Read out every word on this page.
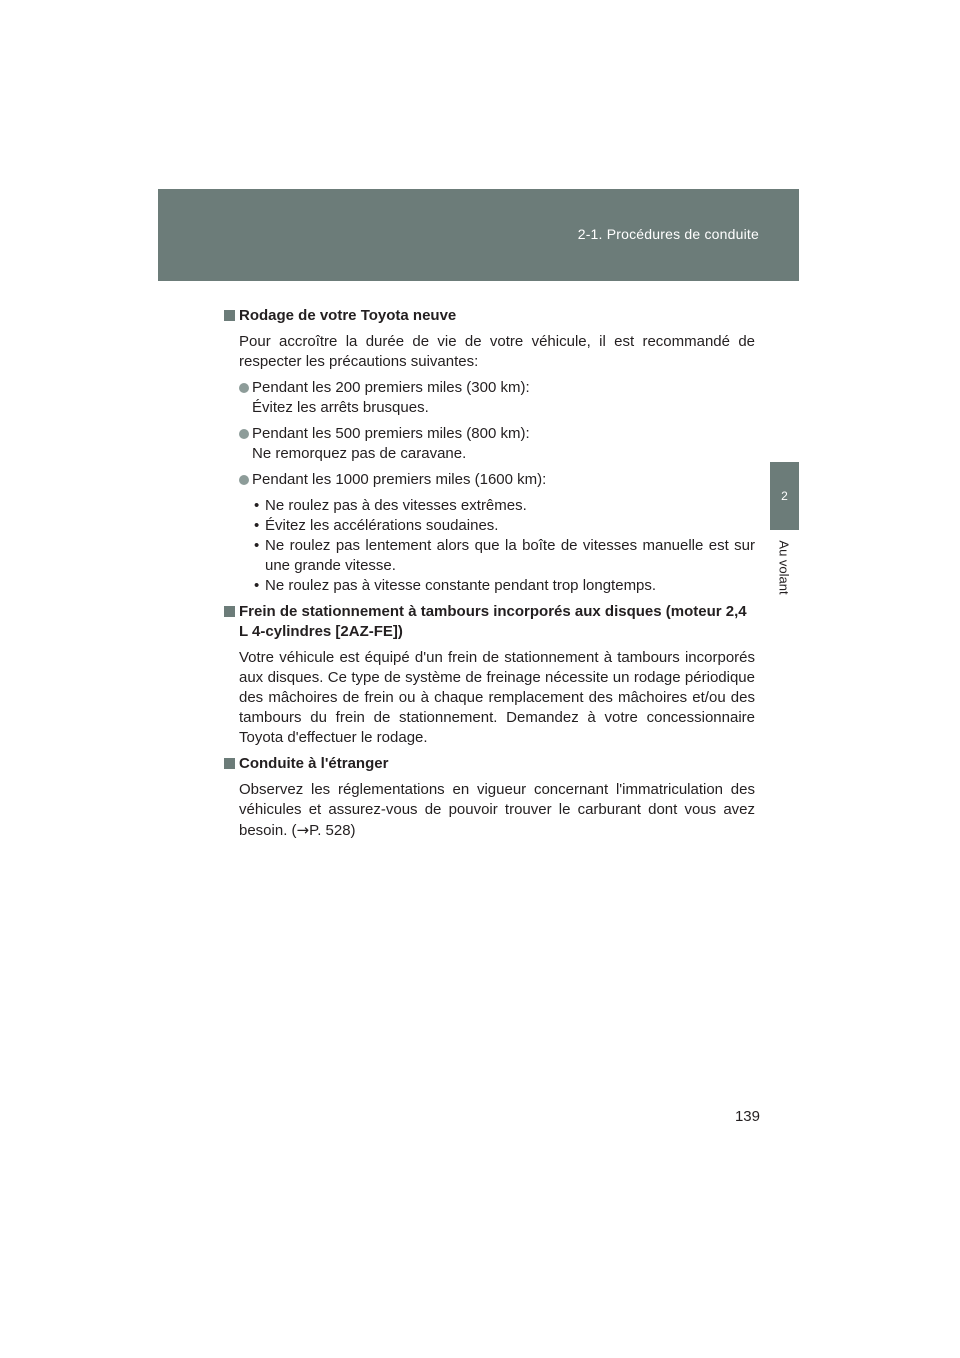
2-1. Procédures de conduite
2
Au volant
Rodage de votre Toyota neuve
Pour accroître la durée de vie de votre véhicule, il est recommandé de respecter les précautions suivantes:
Pendant les 200 premiers miles (300 km):
Évitez les arrêts brusques.
Pendant les 500 premiers miles (800 km):
Ne remorquez pas de caravane.
Pendant les 1000 premiers miles (1600 km):
• Ne roulez pas à des vitesses extrêmes.
• Évitez les accélérations soudaines.
• Ne roulez pas lentement alors que la boîte de vitesses manuelle est sur une grande vitesse.
• Ne roulez pas à vitesse constante pendant trop longtemps.
Frein de stationnement à tambours incorporés aux disques (moteur 2,4 L 4-cylindres [2AZ-FE])
Votre véhicule est équipé d'un frein de stationnement à tambours incorporés aux disques. Ce type de système de freinage nécessite un rodage périodique des mâchoires de frein ou à chaque remplacement des mâchoires et/ou des tambours du frein de stationnement. Demandez à votre concessionnaire Toyota d'effectuer le rodage.
Conduite à l'étranger
Observez les réglementations en vigueur concernant l'immatriculation des véhicules et assurez-vous de pouvoir trouver le carburant dont vous avez besoin. (→P. 528)
139
